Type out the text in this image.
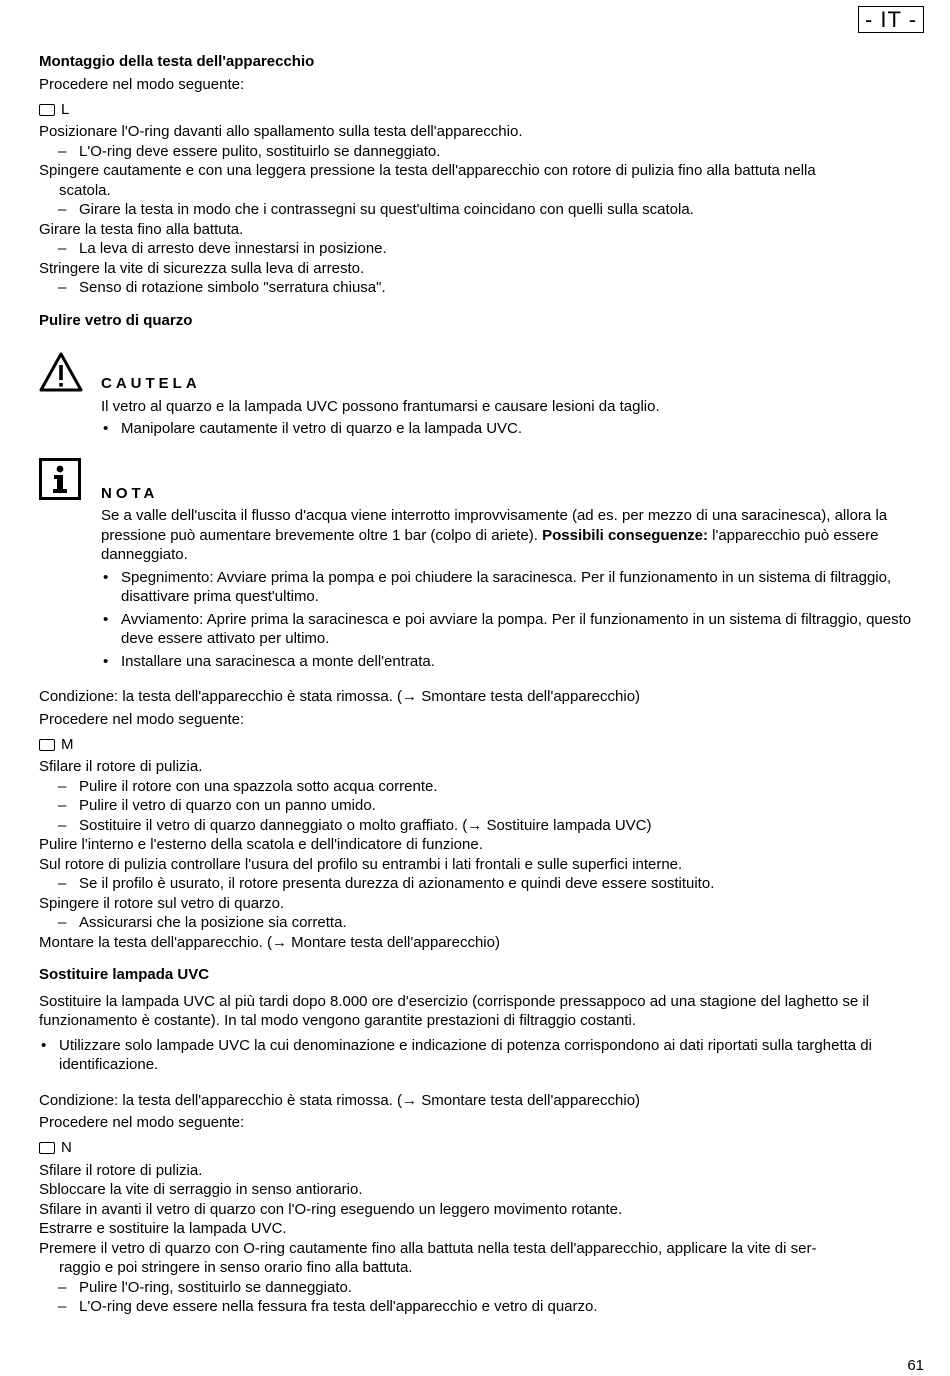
- IT -

Montaggio della testa dell'apparecchio

Procedere nel modo seguente:

L
Posizionare l'O-ring davanti allo spallamento sulla testa dell'apparecchio.
– L'O-ring deve essere pulito, sostituirlo se danneggiato.
Spingere cautamente e con una leggera pressione la testa dell'apparecchio con rotore di pulizia fino alla battuta nella
scatola.
– Girare la testa in modo che i contrassegni su quest'ultima coincidano con quelli sulla scatola.
Girare la testa fino alla battuta.
– La leva di arresto deve innestarsi in posizione.
Stringere la vite di sicurezza sulla leva di arresto.
– Senso di rotazione simbolo "serratura chiusa".

Pulire vetro di quarzo

CAUTELA

Il vetro al quarzo e la lampada UVC possono frantumarsi e causare lesioni da taglio.

• Manipolare cautamente il vetro di quarzo e la lampada UVC.

NOTA

Se a valle dell'uscita il flusso d'acqua viene interrotto improvvisamente (ad es. per mezzo di una saracinesca), allora la pressione può aumentare brevemente oltre 1 bar (colpo di ariete). Possibili conseguenze: l'apparecchio può essere danneggiato.

• Spegnimento: Avviare prima la pompa e poi chiudere la saracinesca. Per il funzionamento in un sistema di filtraggio, disattivare prima quest'ultimo.
• Avviamento: Aprire prima la saracinesca e poi avviare la pompa. Per il funzionamento in un sistema di filtraggio, questo deve essere attivato per ultimo.
• Installare una saracinesca a monte dell'entrata.

Condizione: la testa dell'apparecchio è stata rimossa. (→ Smontare testa dell'apparecchio)

Procedere nel modo seguente:

M
Sfilare il rotore di pulizia.
– Pulire il rotore con una spazzola sotto acqua corrente.
– Pulire il vetro di quarzo con un panno umido.
– Sostituire il vetro di quarzo danneggiato o molto graffiato. (→ Sostituire lampada UVC)
Pulire l'interno e l'esterno della scatola e dell'indicatore di funzione.
Sul rotore di pulizia controllare l'usura del profilo su entrambi i lati frontali e sulle superfici interne.
– Se il profilo è usurato, il rotore presenta durezza di azionamento e quindi deve essere sostituito.
Spingere il rotore sul vetro di quarzo.
– Assicurarsi che la posizione sia corretta.
Montare la testa dell'apparecchio. (→ Montare testa dell'apparecchio)

Sostituire lampada UVC

Sostituire la lampada UVC al più tardi dopo 8.000 ore d'esercizio (corrisponde pressappoco ad una stagione del laghetto se il funzionamento è costante). In tal modo vengono garantite prestazioni di filtraggio costanti.

• Utilizzare solo lampade UVC la cui denominazione e indicazione di potenza corrispondono ai dati riportati sulla targhetta di identificazione.

Condizione: la testa dell'apparecchio è stata rimossa. (→ Smontare testa dell'apparecchio)

Procedere nel modo seguente:

N
Sfilare il rotore di pulizia.
Sbloccare la vite di serraggio in senso antiorario.
Sfilare in avanti il vetro di quarzo con l'O-ring eseguendo un leggero movimento rotante.
Estrarre e sostituire la lampada UVC.
Premere il vetro di quarzo con O-ring cautamente fino alla battuta nella testa dell'apparecchio, applicare la vite di ser-
raggio e poi stringere in senso orario fino alla battuta.
– Pulire l'O-ring, sostituirlo se danneggiato.
– L'O-ring deve essere nella fessura fra testa dell'apparecchio e vetro di quarzo.
61
